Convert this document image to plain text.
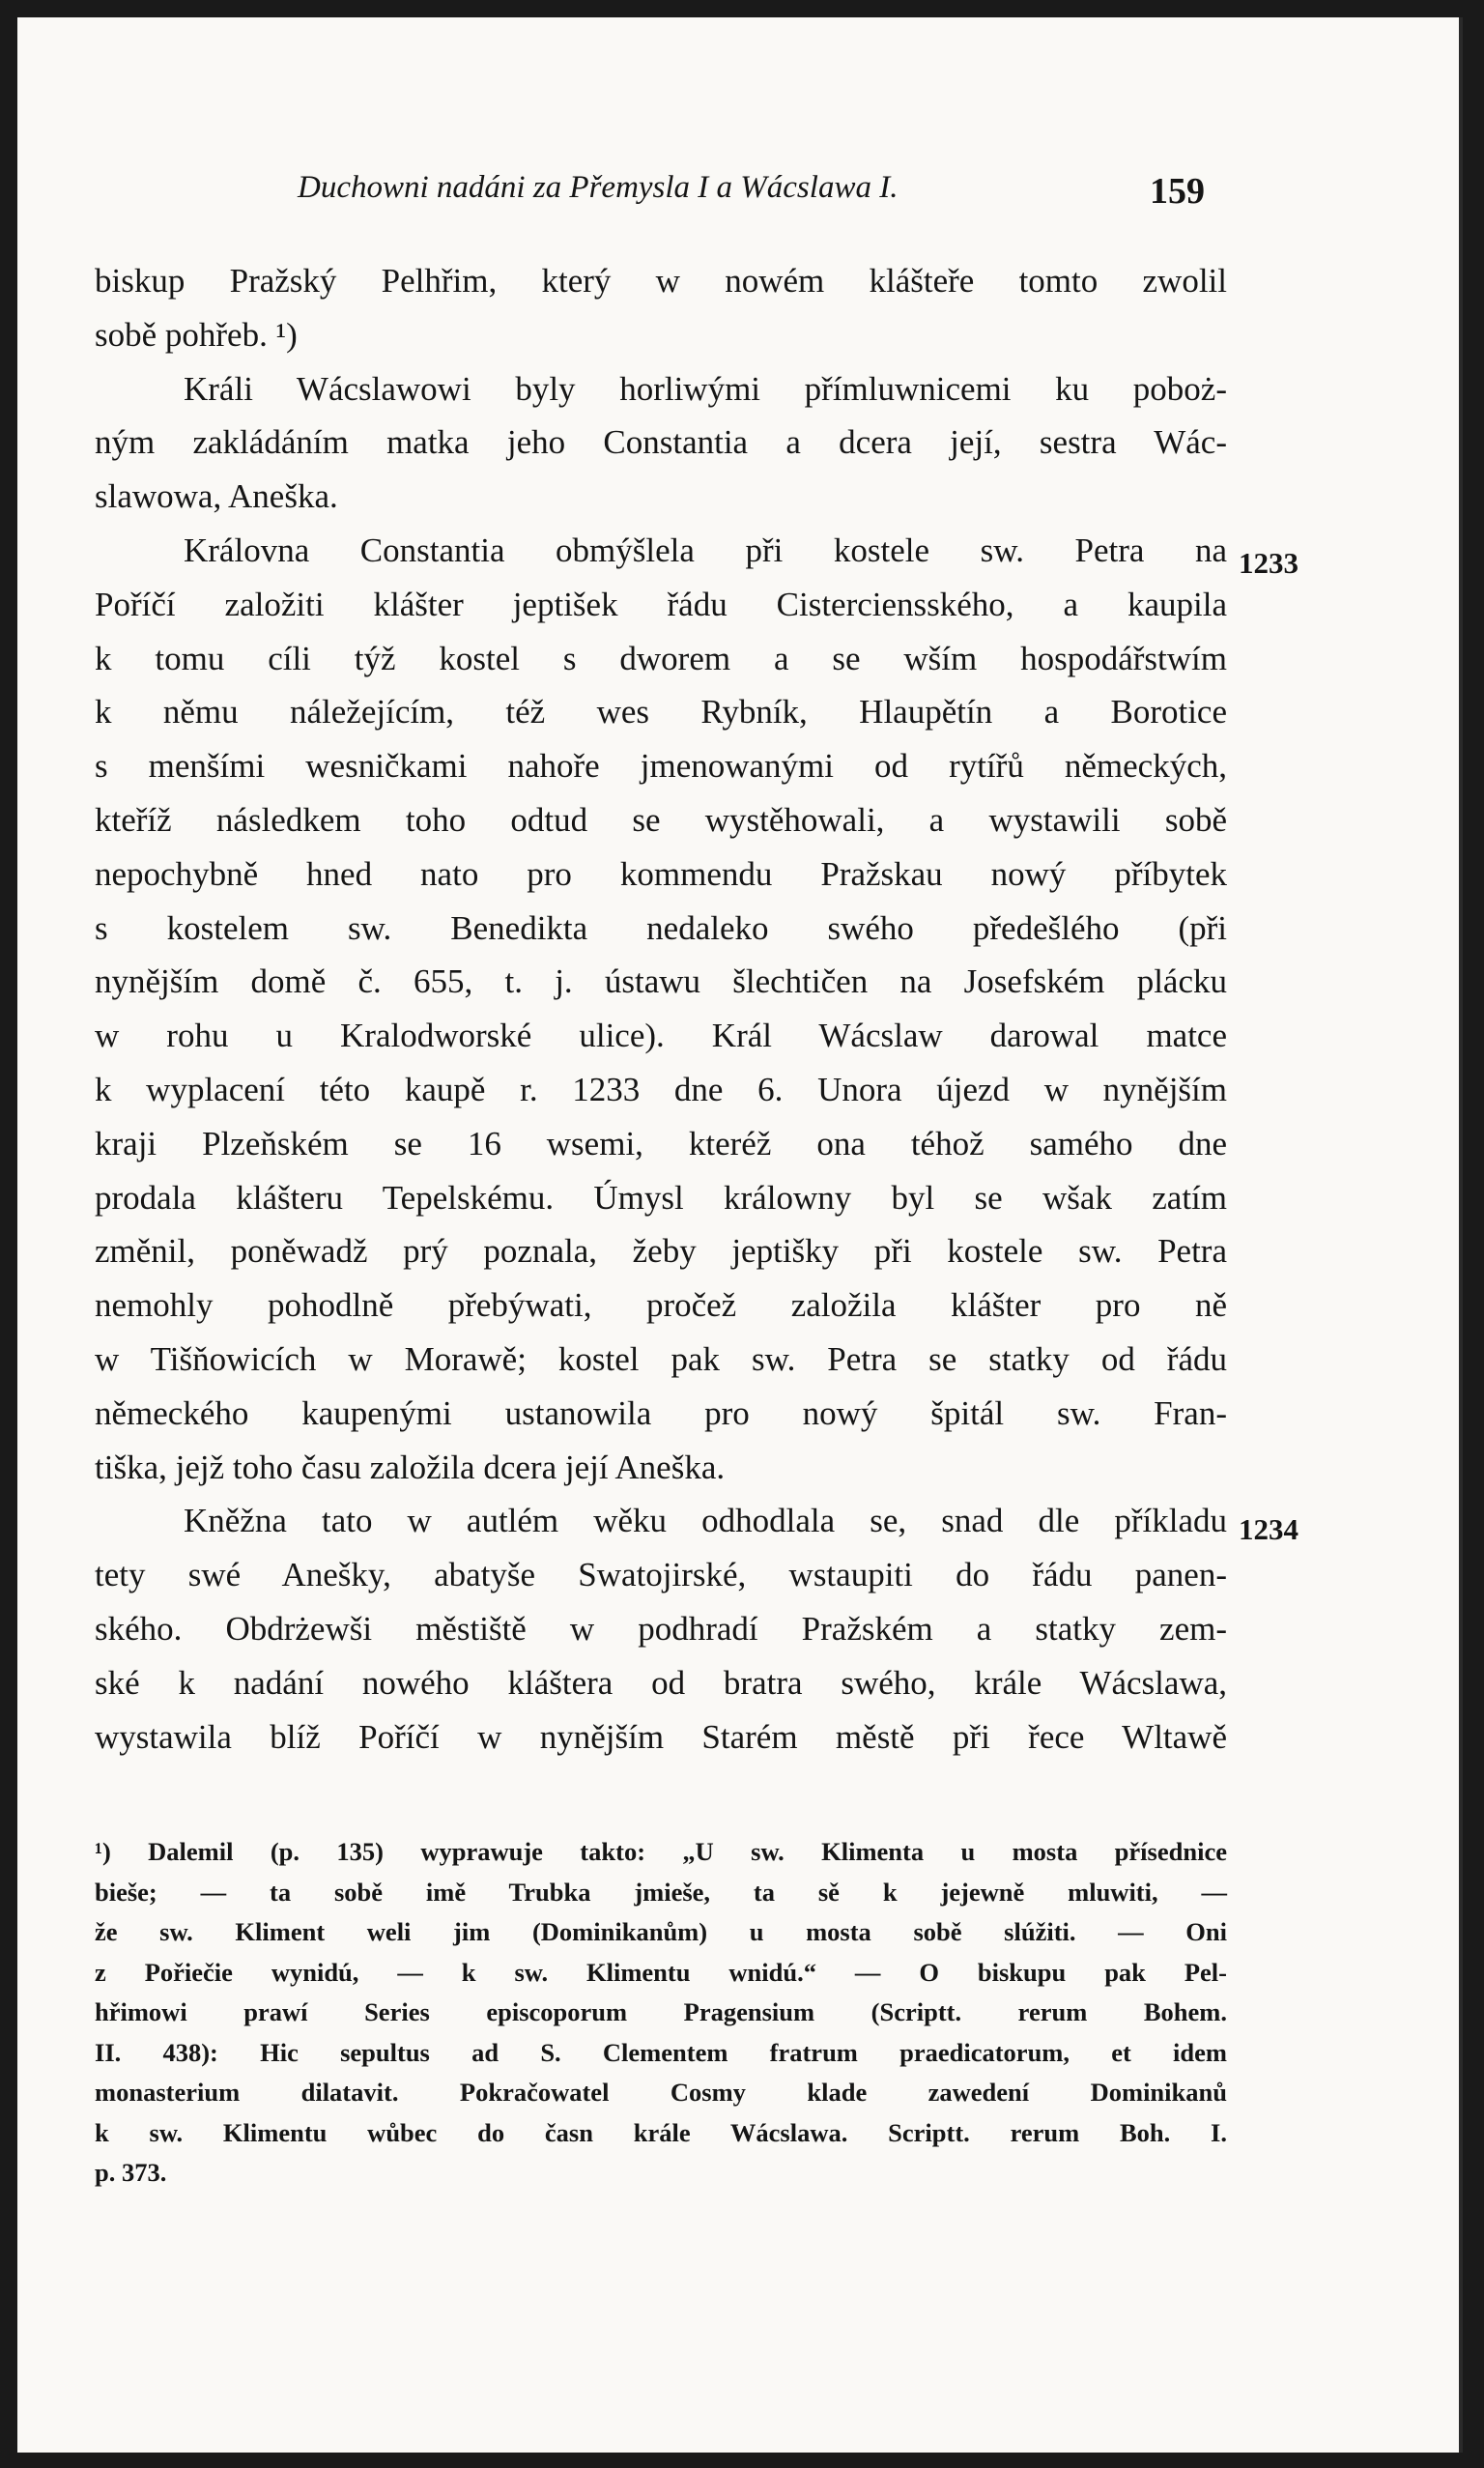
Duchowni nadáni za Přemysla I a Wácslawa I.	159
1233
1234
biskup Pražský Pelhřim, který w nowém klášteře tomto zwolil
sobě pohřeb. ¹)
Králi Wácslawowi byly horliwými přímluwnicemi ku poboż-
ným zakládáním matka jeho Constantia a dcera její, sestra Wác-
slawowa, Aneška.
Královna Constantia obmýšlela při kostele sw. Petra na
Poříčí založiti klášter jeptišek řádu Cisterciensského, a kaupila
k tomu cíli týž kostel s dworem a se wším hospodářstwím
k němu náležejícím, též wes Rybník, Hlaupětín a Borotice
s menšími wesničkami nahoře jmenowanými od rytířů německých,
kteříž následkem toho odtud se wystěhowali, a wystawili sobě
nepochybně hned nato pro kommendu Pražskau nowý příbytek
s kostelem sw. Benedikta nedaleko swého předešlého (při
nynějším domě č. 655, t. j. ústawu šlechtičen na Josefském plácku
w rohu u Kralodworské ulice). Král Wácslaw darowal matce
k wyplacení této kaupě r. 1233 dne 6. Unora újezd w nynějším
kraji Plzeňském se 16 wsemi, kteréž ona téhož samého dne
prodala klášteru Tepelskému. Úmysl králowny byl se wšak zatím
změnil, poněwadž prý poznala, žeby jeptišky při kostele sw. Petra
nemohly pohodlně přebýwati, pročež založila klášter pro ně
w Tišňowicích w Morawě; kostel pak sw. Petra se statky od řádu
německého kaupenými ustanowila pro nowý špitál sw. Fran-
tiška, jejž toho času založila dcera její Aneška.
Kněžna tato w autlém wěku odhodlala se, snad dle příkladu
tety swé Anešky, abatyše Swatojirské, wstaupiti do řádu panen-
ského. Obdrżewši městiště w podhradí Pražském a statky zem-
ské k nadání nowého kláštera od bratra swého, krále Wácslawa,
wystawila blíž Poříčí w nynějším Starém městě při řece Wltawě
¹) Dalemil (p. 135) wyprawuje takto: „U sw. Klimenta u mosta přísednice
bieše; — ta sobě imě Trubka jmieše, ta sě k jejewně mluwiti, —
že sw. Kliment weli jim (Dominikanům) u mosta sobě slúžiti. — Oni
z Pořiečie wynidú, — k sw. Klimentu wnidú.“ — O biskupu pak Pel-
hřimowi prawí Series episcoporum Pragensium (Scriptt. rerum Bohem.
II. 438): Hic sepultus ad S. Clementem fratrum praedicatorum, et idem
monasterium dilatavit. Pokračowatel Cosmy klade zawedení Dominikanů
k sw. Klimentu wůbec do časn krále Wácslawa. Scriptt. rerum Boh. I.
p. 373.
